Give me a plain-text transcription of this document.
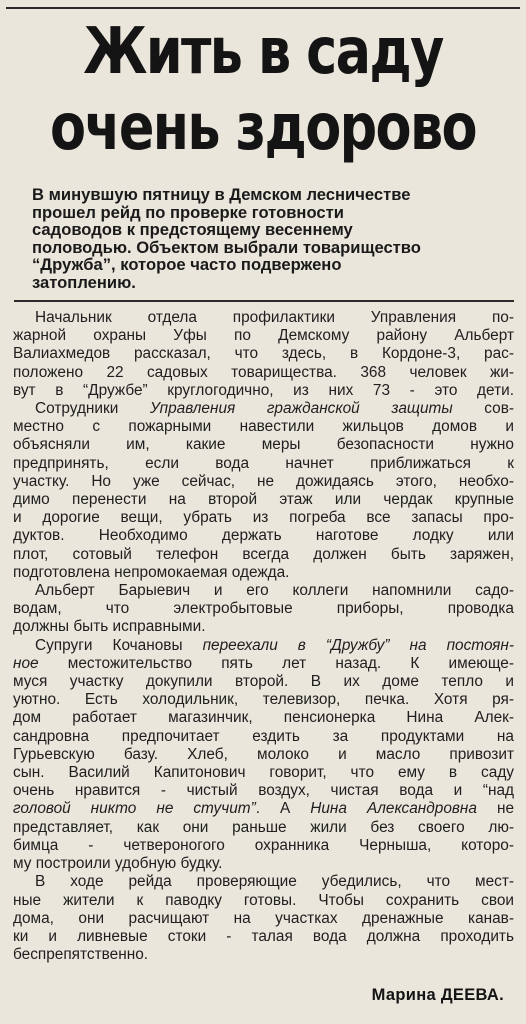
Жить в саду
очень здорово
В минувшую пятницу в Демском лесничестве
прошел рейд по проверке готовности
садоводов к предстоящему весеннему
половодью. Объектом выбрали товарищество
“Дружба”, которое часто подвержено
затоплению.
Начальник отдела профилактики Управления по-
жарной охраны Уфы по Демскому району Альберт
Валиахмедов рассказал, что здесь, в Кордоне-3, рас-
положено 22 садовых товарищества. 368 человек жи-
вут в “Дружбе” круглогодично, из них 73 - это дети.
Сотрудники Управления гражданской защиты сов-
местно с пожарными навестили жильцов домов и
объясняли им, какие меры безопасности нужно
предпринять, если вода начнет приближаться к
участку. Но уже сейчас, не дожидаясь этого, необхо-
димо перенести на второй этаж или чердак крупные
и дорогие вещи, убрать из погреба все запасы про-
дуктов. Необходимо держать наготове лодку или
плот, сотовый телефон всегда должен быть заряжен,
подготовлена непромокаемая одежда.
Альберт Барыевич и его коллеги напомнили садо-
водам, что электробытовые приборы, проводка
должны быть исправными.
Супруги Кочановы переехали в “Дружбу” на постоян-
ное местожительство пять лет назад. К имеюще-
муся участку докупили второй. В их доме тепло и
уютно. Есть холодильник, телевизор, печка. Хотя ря-
дом работает магазинчик, пенсионерка Нина Алек-
сандровна предпочитает ездить за продуктами на
Гурьевскую базу. Хлеб, молоко и масло привозит
сын. Василий Капитонович говорит, что ему в саду
очень нравится - чистый воздух, чистая вода и “над
головой никто не стучит”. А Нина Александровна не
представляет, как они раньше жили без своего лю-
бимца - четвероногого охранника Черныша, которо-
му построили удобную будку.
В ходе рейда проверяющие убедились, что мест-
ные жители к паводку готовы. Чтобы сохранить свои
дома, они расчищают на участках дренажные канав-
ки и ливневые стоки - талая вода должна проходить
беспрепятственно.
Марина ДЕЕВА.
